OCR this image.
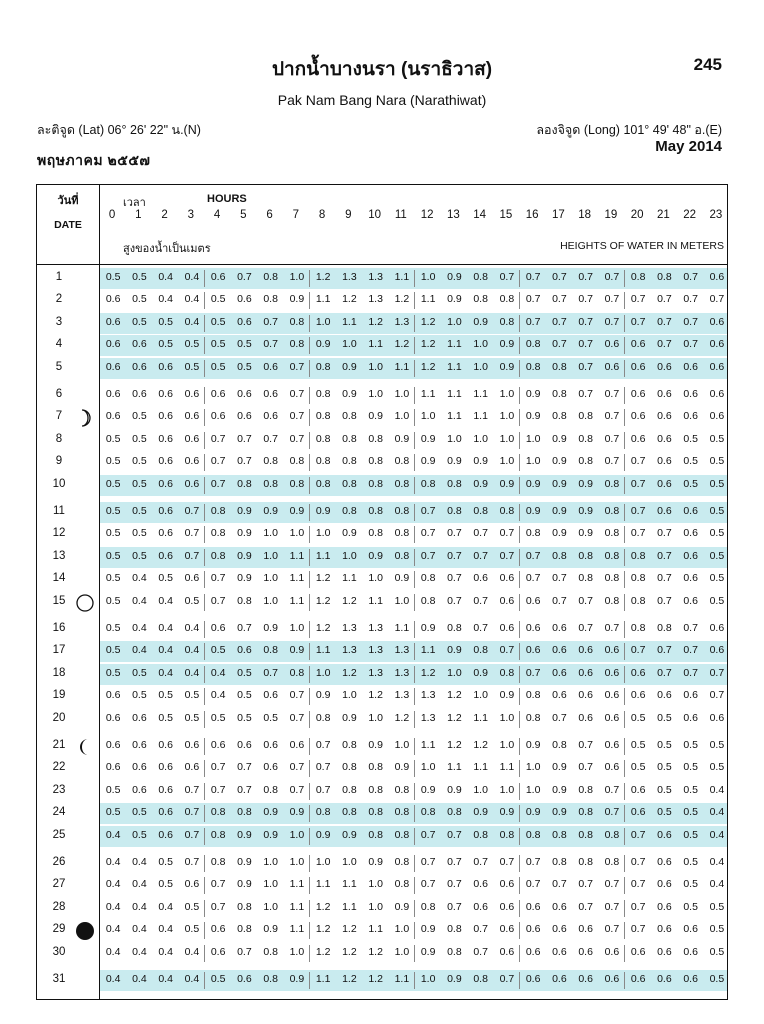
ปากน้ำบางนรา (นราธิวาส)	245
Pak Nam Bang Nara (Narathiwat)
ละติจูด (Lat) 06° 26' 22" น.(N)	ลองจิจูด (Long) 101° 49' 48" อ.(E)
พฤษภาคม ๒๕๕๗
May 2014
วันที่
DATE
เวลา	HOURS
สูงของน้ำเป็นเมตร	HEIGHTS OF WATER IN METERS
0	1	2	3	4	5	6	7	8	9	10	11	12	13	14	15	16	17	18	19	20	21	22	23
1	0.5	0.5	0.4	0.4	0.6	0.7	0.8	1.0	1.2	1.3	1.3	1.1	1.0	0.9	0.8	0.7	0.7	0.7	0.7	0.7	0.8	0.8	0.7	0.6
2	0.6	0.5	0.4	0.4	0.5	0.6	0.8	0.9	1.1	1.2	1.3	1.2	1.1	0.9	0.8	0.8	0.7	0.7	0.7	0.7	0.7	0.7	0.7	0.7
3	0.6	0.5	0.5	0.4	0.5	0.6	0.7	0.8	1.0	1.1	1.2	1.3	1.2	1.0	0.9	0.8	0.7	0.7	0.7	0.7	0.7	0.7	0.7	0.6
4	0.6	0.6	0.5	0.5	0.5	0.5	0.7	0.8	0.9	1.0	1.1	1.2	1.2	1.1	1.0	0.9	0.8	0.7	0.7	0.6	0.6	0.7	0.7	0.6
5	0.6	0.6	0.6	0.5	0.5	0.5	0.6	0.7	0.8	0.9	1.0	1.1	1.2	1.1	1.0	0.9	0.8	0.8	0.7	0.6	0.6	0.6	0.6	0.6
6	0.6	0.6	0.6	0.6	0.6	0.6	0.6	0.7	0.8	0.9	1.0	1.0	1.1	1.1	1.1	1.0	0.9	0.8	0.7	0.7	0.6	0.6	0.6	0.6
7	0.6	0.5	0.6	0.6	0.6	0.6	0.6	0.7	0.8	0.8	0.9	1.0	1.0	1.1	1.1	1.0	0.9	0.8	0.8	0.7	0.6	0.6	0.6	0.6
8	0.5	0.5	0.6	0.6	0.7	0.7	0.7	0.7	0.8	0.8	0.8	0.9	0.9	1.0	1.0	1.0	1.0	0.9	0.8	0.7	0.6	0.6	0.5	0.5
9	0.5	0.5	0.6	0.6	0.7	0.7	0.8	0.8	0.8	0.8	0.8	0.8	0.9	0.9	0.9	1.0	1.0	0.9	0.8	0.7	0.7	0.6	0.5	0.5
10	0.5	0.5	0.6	0.6	0.7	0.8	0.8	0.8	0.8	0.8	0.8	0.8	0.8	0.8	0.9	0.9	0.9	0.9	0.9	0.8	0.7	0.6	0.5	0.5
11	0.5	0.5	0.6	0.7	0.8	0.9	0.9	0.9	0.9	0.8	0.8	0.8	0.7	0.8	0.8	0.8	0.9	0.9	0.9	0.8	0.7	0.6	0.6	0.5
12	0.5	0.5	0.6	0.7	0.8	0.9	1.0	1.0	1.0	0.9	0.8	0.8	0.7	0.7	0.7	0.7	0.8	0.9	0.9	0.8	0.7	0.7	0.6	0.5
13	0.5	0.5	0.6	0.7	0.8	0.9	1.0	1.1	1.1	1.0	0.9	0.8	0.7	0.7	0.7	0.7	0.7	0.8	0.8	0.8	0.8	0.7	0.6	0.5
14	0.5	0.4	0.5	0.6	0.7	0.9	1.0	1.1	1.2	1.1	1.0	0.9	0.8	0.7	0.6	0.6	0.7	0.7	0.8	0.8	0.8	0.7	0.6	0.5
15	0.5	0.4	0.4	0.5	0.7	0.8	1.0	1.1	1.2	1.2	1.1	1.0	0.8	0.7	0.7	0.6	0.6	0.7	0.7	0.8	0.8	0.7	0.6	0.5
16	0.5	0.4	0.4	0.4	0.6	0.7	0.9	1.0	1.2	1.3	1.3	1.1	0.9	0.8	0.7	0.6	0.6	0.6	0.7	0.7	0.8	0.8	0.7	0.6
17	0.5	0.4	0.4	0.4	0.5	0.6	0.8	0.9	1.1	1.3	1.3	1.3	1.1	0.9	0.8	0.7	0.6	0.6	0.6	0.6	0.7	0.7	0.7	0.6
18	0.5	0.5	0.4	0.4	0.4	0.5	0.7	0.8	1.0	1.2	1.3	1.3	1.2	1.0	0.9	0.8	0.7	0.6	0.6	0.6	0.6	0.7	0.7	0.7
19	0.6	0.5	0.5	0.5	0.4	0.5	0.6	0.7	0.9	1.0	1.2	1.3	1.3	1.2	1.0	0.9	0.8	0.6	0.6	0.6	0.6	0.6	0.6	0.7
20	0.6	0.6	0.5	0.5	0.5	0.5	0.5	0.7	0.8	0.9	1.0	1.2	1.3	1.2	1.1	1.0	0.8	0.7	0.6	0.6	0.5	0.5	0.6	0.6
21	0.6	0.6	0.6	0.6	0.6	0.6	0.6	0.6	0.7	0.8	0.9	1.0	1.1	1.2	1.2	1.0	0.9	0.8	0.7	0.6	0.5	0.5	0.5	0.5
22	0.6	0.6	0.6	0.6	0.7	0.7	0.6	0.7	0.7	0.8	0.8	0.9	1.0	1.1	1.1	1.1	1.0	0.9	0.7	0.6	0.5	0.5	0.5	0.5
23	0.5	0.6	0.6	0.7	0.7	0.7	0.8	0.7	0.7	0.8	0.8	0.8	0.9	0.9	1.0	1.0	1.0	0.9	0.8	0.7	0.6	0.5	0.5	0.4
24	0.5	0.5	0.6	0.7	0.8	0.8	0.9	0.9	0.8	0.8	0.8	0.8	0.8	0.8	0.9	0.9	0.9	0.9	0.8	0.7	0.6	0.5	0.5	0.4
25	0.4	0.5	0.6	0.7	0.8	0.9	0.9	1.0	0.9	0.9	0.8	0.8	0.7	0.7	0.8	0.8	0.8	0.8	0.8	0.8	0.7	0.6	0.5	0.4
26	0.4	0.4	0.5	0.7	0.8	0.9	1.0	1.0	1.0	1.0	0.9	0.8	0.7	0.7	0.7	0.7	0.7	0.8	0.8	0.8	0.7	0.6	0.5	0.4
27	0.4	0.4	0.5	0.6	0.7	0.9	1.0	1.1	1.1	1.1	1.0	0.8	0.7	0.7	0.6	0.6	0.7	0.7	0.7	0.7	0.7	0.6	0.5	0.4
28	0.4	0.4	0.4	0.5	0.7	0.8	1.0	1.1	1.2	1.1	1.0	0.9	0.8	0.7	0.6	0.6	0.6	0.6	0.7	0.7	0.7	0.6	0.5	0.5
29	0.4	0.4	0.4	0.5	0.6	0.8	0.9	1.1	1.2	1.2	1.1	1.0	0.9	0.8	0.7	0.6	0.6	0.6	0.6	0.7	0.7	0.6	0.6	0.5
30	0.4	0.4	0.4	0.4	0.6	0.7	0.8	1.0	1.2	1.2	1.2	1.0	0.9	0.8	0.7	0.6	0.6	0.6	0.6	0.6	0.6	0.6	0.6	0.5
31	0.4	0.4	0.4	0.4	0.5	0.6	0.8	0.9	1.1	1.2	1.2	1.1	1.0	0.9	0.8	0.7	0.6	0.6	0.6	0.6	0.6	0.6	0.6	0.5
